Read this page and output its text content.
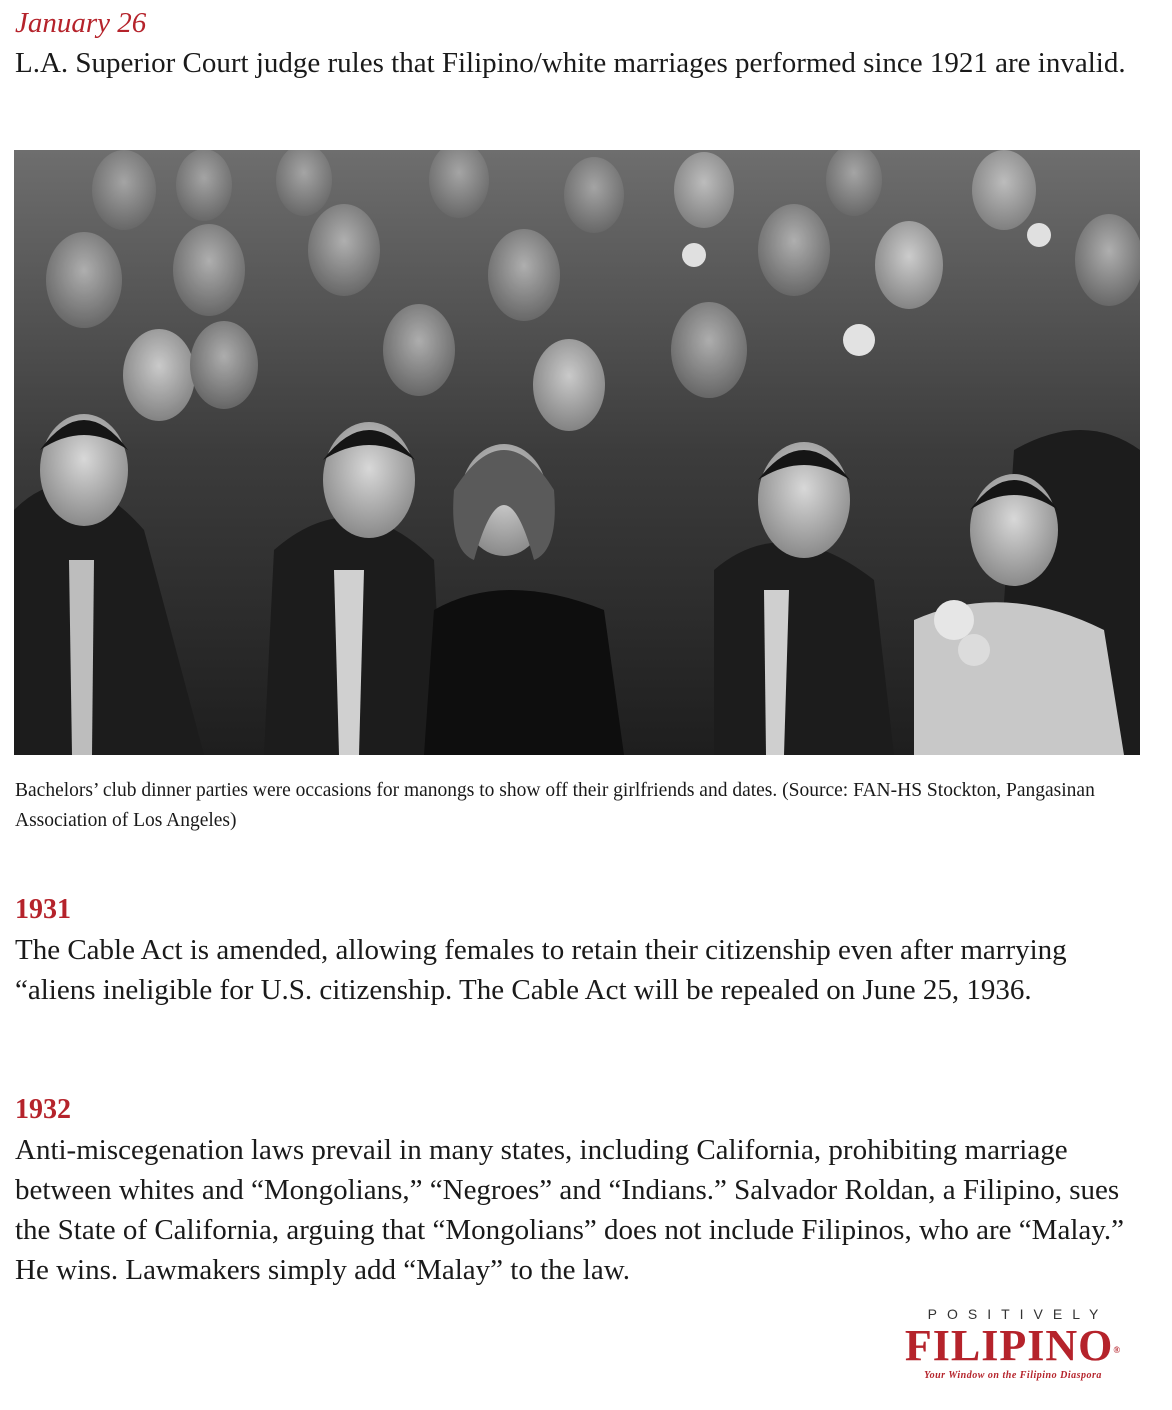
January 26
L.A. Superior Court judge rules that Filipino/white marriages performed since 1921 are invalid.
Bachelors’ club dinner parties were occasions for manongs to show off their girlfriends and dates. (Source: FAN-HS Stockton, Pangasinan Association of Los Angeles)
1931
The Cable Act is amended, allowing females to retain their citizenship even after marrying “aliens ineligible for U.S. citizenship. The Cable Act will be repealed on June 25, 1936.
1932
Anti-miscegenation laws prevail in many states, including California, prohibiting marriage between whites and “Mongolians,” “Negroes” and “Indians.” Salvador Roldan, a Filipino, sues the State of California, arguing that “Mongolians” does not include Filipinos, who are “Malay.” He wins. Lawmakers simply add “Malay” to the law.
POSITIVELY
FILIPINO®
Your Window on the Filipino Diaspora
